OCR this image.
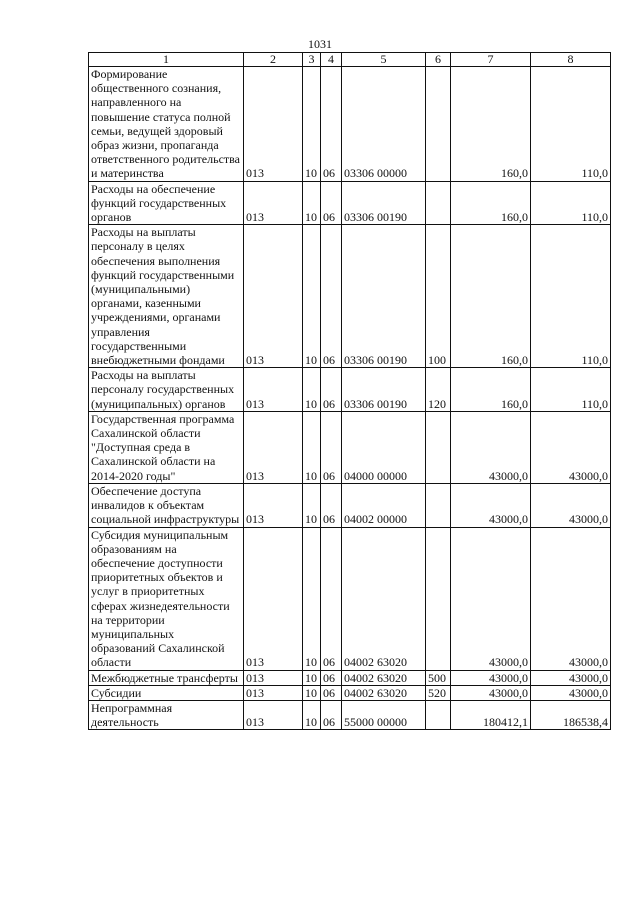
1031
1	2	3	4	5	6	7	8
Формирование общественного сознания, направленного на повышение статуса полной семьи, ведущей здоровый образ жизни, пропаганда ответственного родительства и материнства	013	10	06	03306 00000		160,0	110,0
Расходы на обеспечение функций государственных органов	013	10	06	03306 00190		160,0	110,0
Расходы на выплаты персоналу в целях обеспечения выполнения функций государственными (муниципальными) органами, казенными учреждениями, органами управления государственными внебюджетными фондами	013	10	06	03306 00190	100	160,0	110,0
Расходы на выплаты персоналу государственных (муниципальных) органов	013	10	06	03306 00190	120	160,0	110,0
Государственная программа Сахалинской области "Доступная среда в Сахалинской области на 2014-2020 годы"	013	10	06	04000 00000		43000,0	43000,0
Обеспечение доступа инвалидов к объектам социальной инфраструктуры	013	10	06	04002 00000		43000,0	43000,0
Субсидия муниципальным образованиям на обеспечение доступности приоритетных объектов и услуг в приоритетных сферах жизнедеятельности на территории муниципальных образований Сахалинской области	013	10	06	04002 63020		43000,0	43000,0
Межбюджетные трансферты	013	10	06	04002 63020	500	43000,0	43000,0
Субсидии	013	10	06	04002 63020	520	43000,0	43000,0
Непрограммная деятельность	013	10	06	55000 00000		180412,1	186538,4
